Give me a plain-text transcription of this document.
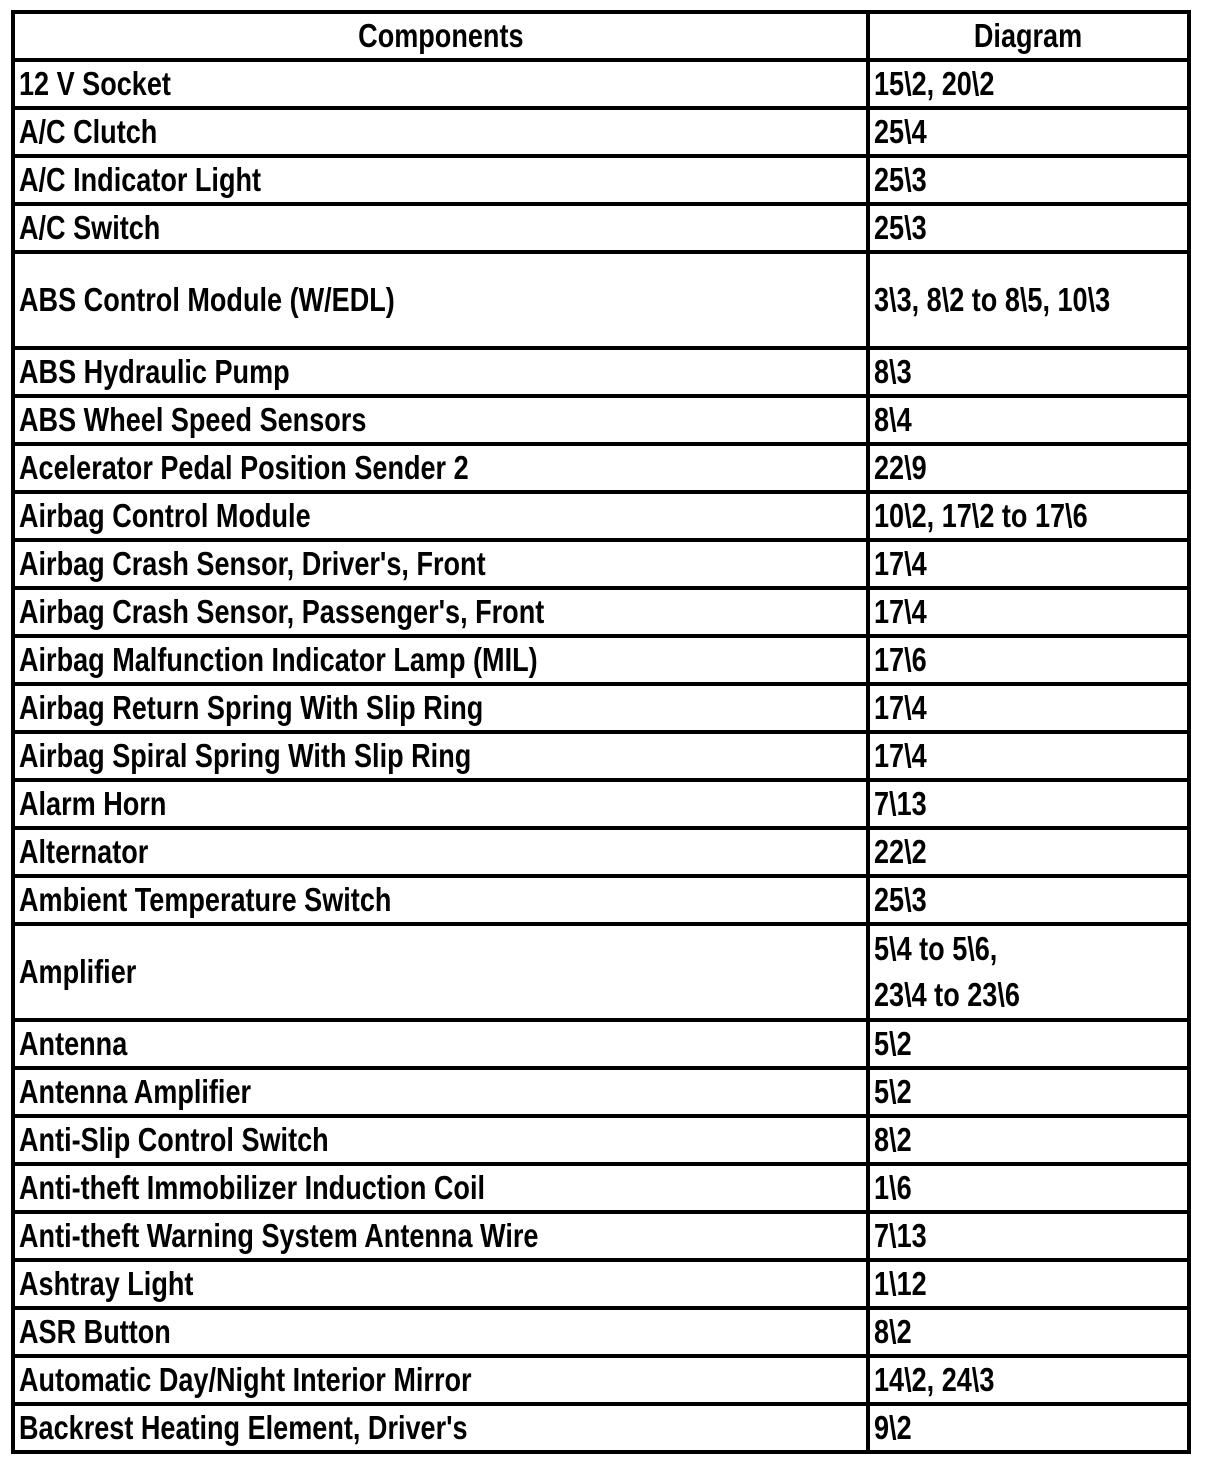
Components	Diagram
12 V Socket	15\2, 20\2
A/C Clutch	25\4
A/C Indicator Light	25\3
A/C Switch	25\3
ABS Control Module (W/EDL)	3\3, 8\2 to 8\5, 10\3
ABS Hydraulic Pump	8\3
ABS Wheel Speed Sensors	8\4
Acelerator Pedal Position Sender 2	22\9
Airbag Control Module	10\2, 17\2 to 17\6
Airbag Crash Sensor, Driver's, Front	17\4
Airbag Crash Sensor, Passenger's, Front	17\4
Airbag Malfunction Indicator Lamp (MIL)	17\6
Airbag Return Spring With Slip Ring	17\4
Airbag Spiral Spring With Slip Ring	17\4
Alarm Horn	7\13
Alternator	22\2
Ambient Temperature Switch	25\3
Amplifier	5\4 to 5\6,
23\4 to 23\6

Antenna	5\2
Antenna Amplifier	5\2
Anti-Slip Control Switch	8\2
Anti-theft Immobilizer Induction Coil	1\6
Anti-theft Warning System Antenna Wire	7\13
Ashtray Light	1\12
ASR Button	8\2
Automatic Day/Night Interior Mirror	14\2, 24\3
Backrest Heating Element, Driver's	9\2
